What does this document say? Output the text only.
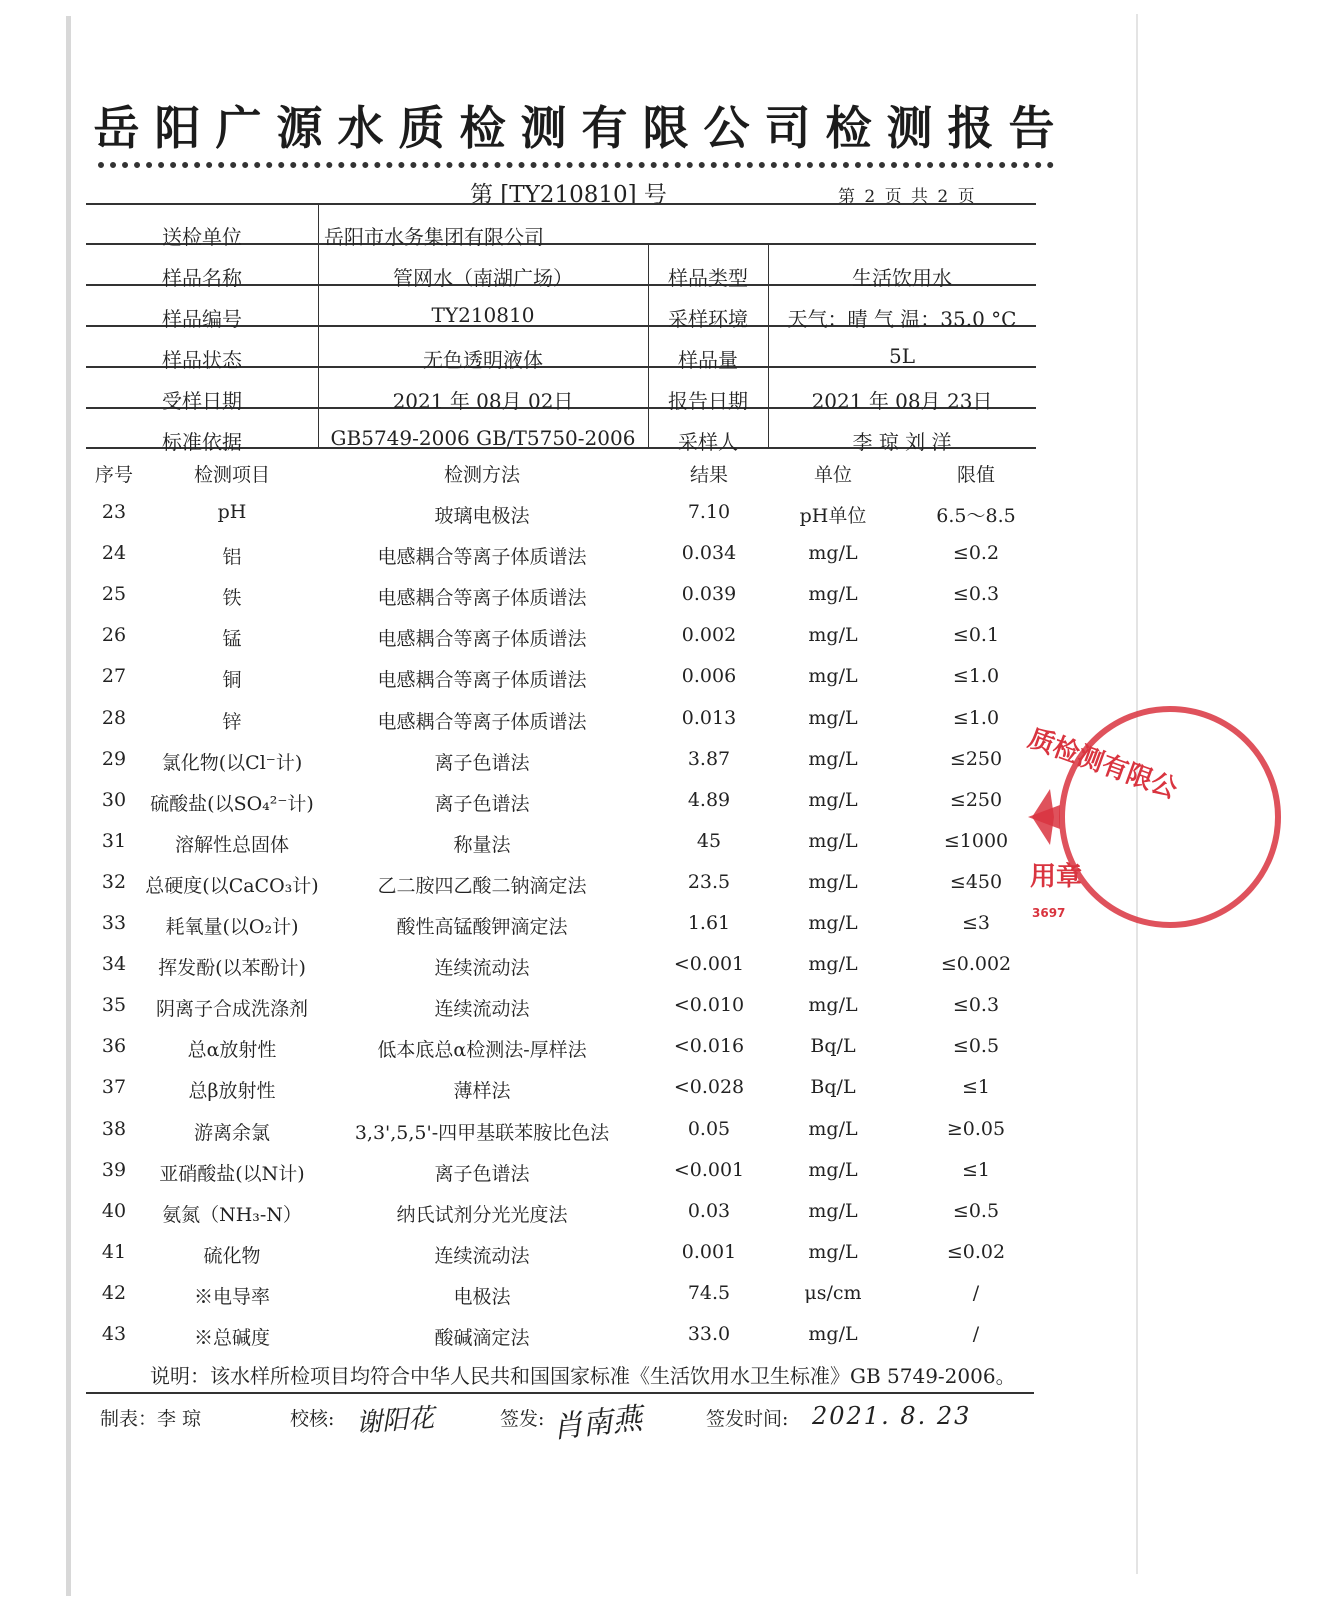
岳阳广源水质检测有限公司检测报告
第 [TY210810] 号	第 2 页 共 2 页
送检单位	岳阳市水务集团有限公司
样品名称	管网水（南湖广场）	样品类型	生活饮用水
样品编号	TY210810	采样环境	天气：晴 气 温：35.0 °C
样品状态	无色透明液体	样品量	5L
受样日期	2021 年 08月 02日	报告日期	2021 年 08月 23日
标准依据	GB5749-2006 GB/T5750-2006	采样人	李 琼 刘 洋
序号	检测项目	检测方法	结果	单位	限值
23	pH	玻璃电极法	7.10	pH单位	6.5～8.5
24	铝	电感耦合等离子体质谱法	0.034	mg/L	≤0.2
25	铁	电感耦合等离子体质谱法	0.039	mg/L	≤0.3
26	锰	电感耦合等离子体质谱法	0.002	mg/L	≤0.1
27	铜	电感耦合等离子体质谱法	0.006	mg/L	≤1.0
28	锌	电感耦合等离子体质谱法	0.013	mg/L	≤1.0
29	氯化物(以Cl⁻计)	离子色谱法	3.87	mg/L	≤250
30	硫酸盐(以SO₄²⁻计)	离子色谱法	4.89	mg/L	≤250
31	溶解性总固体	称量法	45	mg/L	≤1000
32	总硬度(以CaCO₃计)	乙二胺四乙酸二钠滴定法	23.5	mg/L	≤450
33	耗氧量(以O₂计)	酸性高锰酸钾滴定法	1.61	mg/L	≤3
34	挥发酚(以苯酚计)	连续流动法	<0.001	mg/L	≤0.002
35	阴离子合成洗涤剂	连续流动法	<0.010	mg/L	≤0.3
36	总α放射性	低本底总α检测法-厚样法	<0.016	Bq/L	≤0.5
37	总β放射性	薄样法	<0.028	Bq/L	≤1
38	游离余氯	3,3',5,5'-四甲基联苯胺比色法	0.05	mg/L	≥0.05
39	亚硝酸盐(以N计)	离子色谱法	<0.001	mg/L	≤1
40	氨氮（NH₃-N）	纳氏试剂分光光度法	0.03	mg/L	≤0.5
41	硫化物	连续流动法	0.001	mg/L	≤0.02
42	※电导率	电极法	74.5	μs/cm	/
43	※总碱度	酸碱滴定法	33.0	mg/L	/
说明：该水样所检项目均符合中华人民共和国国家标准《生活饮用水卫生标准》GB 5749-2006。
制表：李 琼	校核: 谢阳花	签发: 肖南燕	签发时间: 2021. 8. 23
质检测有限公
用章
3697
